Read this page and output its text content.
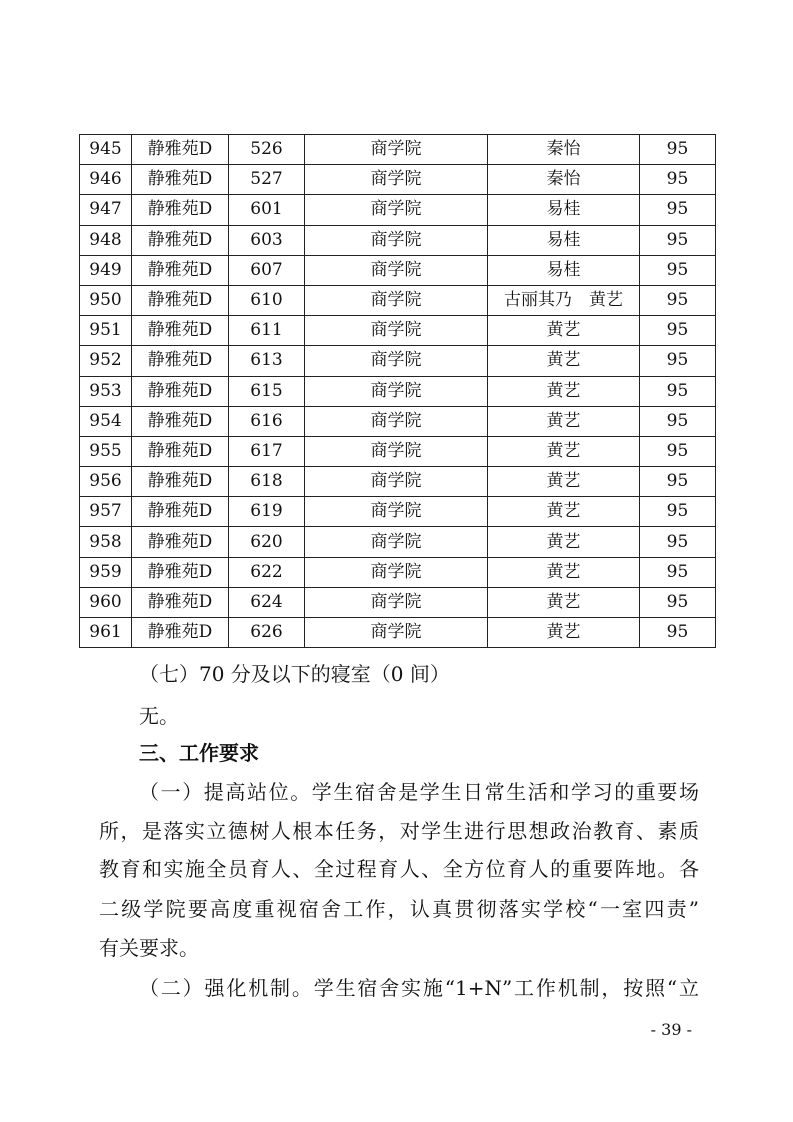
945	静雅苑D	526	商学院	秦怡	95
946	静雅苑D	527	商学院	秦怡	95
947	静雅苑D	601	商学院	易桂	95
948	静雅苑D	603	商学院	易桂	95
949	静雅苑D	607	商学院	易桂	95
950	静雅苑D	610	商学院	古丽其乃　黄艺	95
951	静雅苑D	611	商学院	黄艺	95
952	静雅苑D	613	商学院	黄艺	95
953	静雅苑D	615	商学院	黄艺	95
954	静雅苑D	616	商学院	黄艺	95
955	静雅苑D	617	商学院	黄艺	95
956	静雅苑D	618	商学院	黄艺	95
957	静雅苑D	619	商学院	黄艺	95
958	静雅苑D	620	商学院	黄艺	95
959	静雅苑D	622	商学院	黄艺	95
960	静雅苑D	624	商学院	黄艺	95
961	静雅苑D	626	商学院	黄艺	95
（七）70 分及以下的寝室（0 间）
无。
三、工作要求
（一）提高站位。学生宿舍是学生日常生活和学习的重要场
所，是落实立德树人根本任务，对学生进行思想政治教育、素质
教育和实施全员育人、全过程育人、全方位育人的重要阵地。各
二级学院要高度重视宿舍工作，认真贯彻落实学校“一室四责”
有关要求。
（二）强化机制。学生宿舍实施“1+N”工作机制，按照“立
- 39 -
